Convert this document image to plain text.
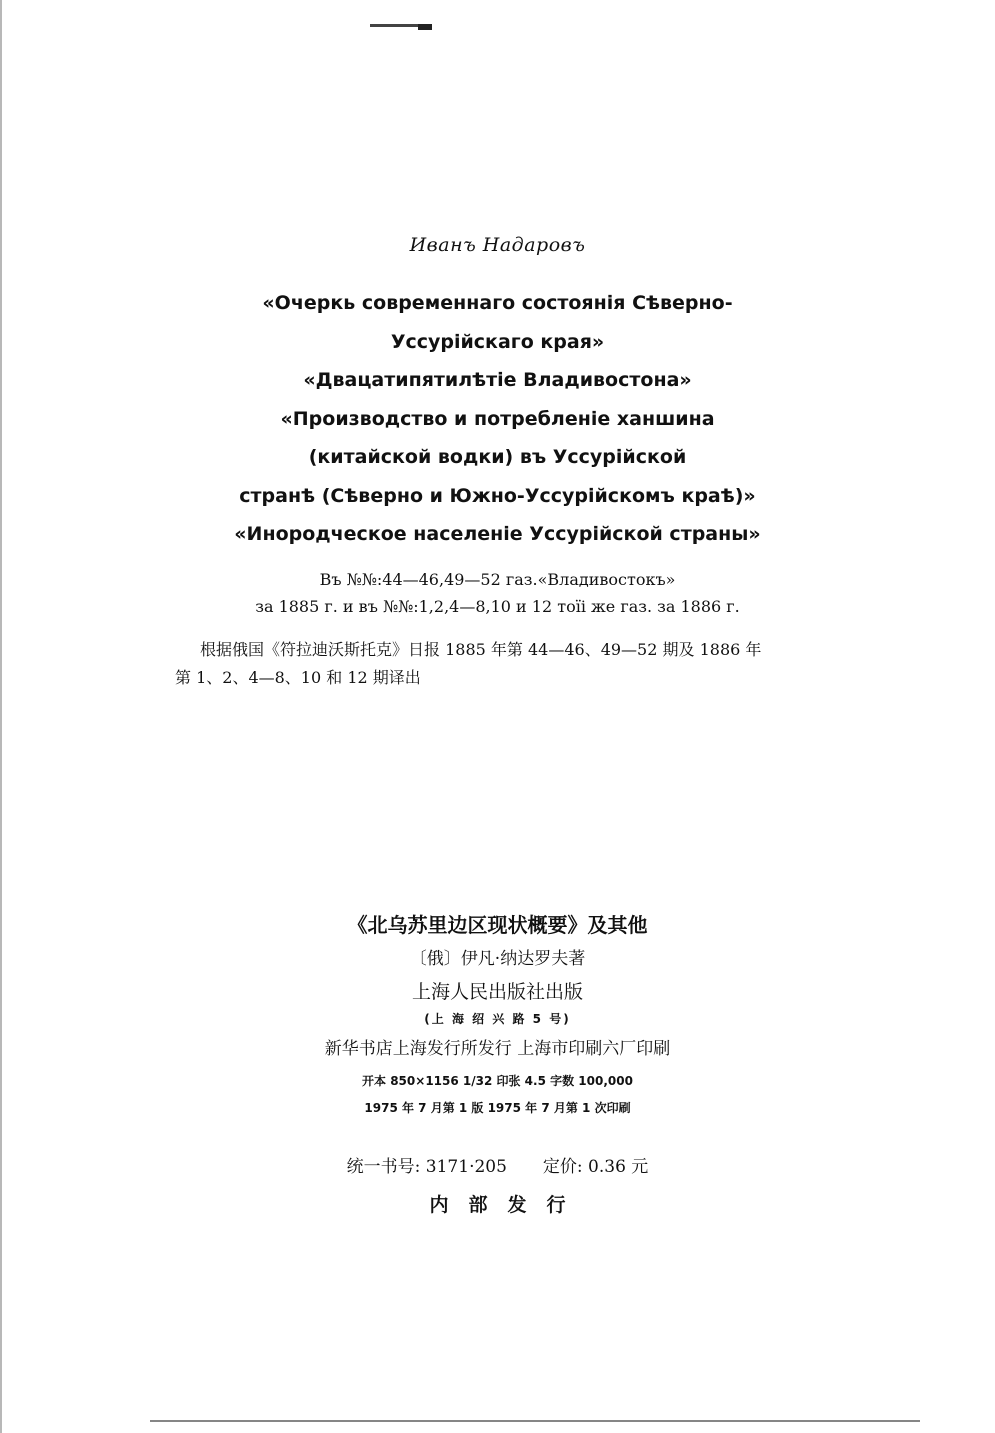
Иванъ Надаровъ
«Очеркь современнаго состоянія Сѣверно-
Уссурійскаго края»
«Двацатипятилѣтіе Владивостона»
«Производство и потребленіе ханшина
(китайской водки) въ Уссурійской
странѣ (Сѣверно и Южно-Уссурійскомъ краѣ)»
«Инородческое населеніе Уссурійской страны»
Въ №№:44—46,49—52 газ.«Владивостокъ»
за 1885 г. и въ №№:1,2,4—8,10 и 12 тоїі же газ. за 1886 г.
根据俄国《符拉迪沃斯托克》日报 1885 年第 44—46、49—52 期及 1886 年
第 1、2、4—8、10 和 12 期译出
《北乌苏里边区现状概要》及其他
〔俄〕伊凡·纳达罗夫著
上海人民出版社出版
(上 海 绍 兴 路 5 号)
新华书店上海发行所发行 上海市印刷六厂印刷
开本 850×1156 1/32 印张 4.5 字数 100,000
1975 年 7 月第 1 版 1975 年 7 月第 1 次印刷
统一书号: 3171·205 定价: 0.36 元
内部发行
